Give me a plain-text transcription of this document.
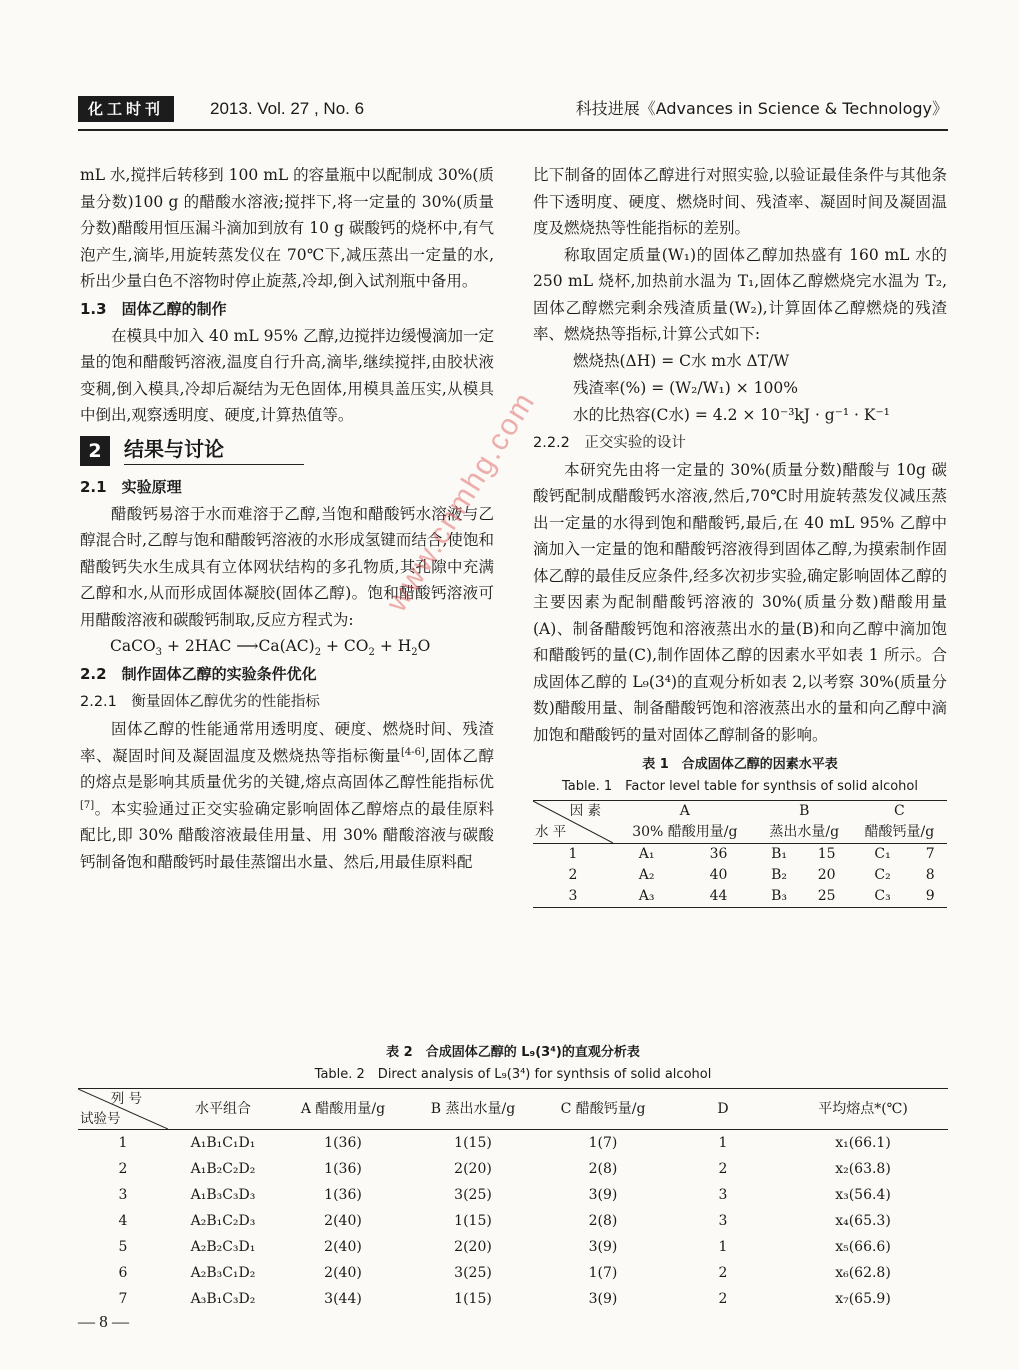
化工时刊	2013. Vol. 27 , No. 6	科技进展《Advances in Science & Technology》

mL 水,搅拌后转移到 100 mL 的容量瓶中以配制成 30%(质量分数)100 g 的醋酸水溶液;搅拌下,将一定量的 30%(质量分数)醋酸用恒压漏斗滴加到放有 10 g 碳酸钙的烧杯中,有气泡产生,滴毕,用旋转蒸发仪在 70℃下,减压蒸出一定量的水,析出少量白色不溶物时停止旋蒸,冷却,倒入试剂瓶中备用。

1.3　固体乙醇的制作

在模具中加入 40 mL 95% 乙醇,边搅拌边缓慢滴加一定量的饱和醋酸钙溶液,温度自行升高,滴毕,继续搅拌,由胶状液变稠,倒入模具,冷却后凝结为无色固体,用模具盖压实,从模具中倒出,观察透明度、硬度,计算热值等。

2	结果与讨论

2.1　实验原理

醋酸钙易溶于水而难溶于乙醇,当饱和醋酸钙水溶液与乙醇混合时,乙醇与饱和醋酸钙溶液的水形成氢键而结合,使饱和醋酸钙失水生成具有立体网状结构的多孔物质,其孔隙中充满乙醇和水,从而形成固体凝胶(固体乙醇)。饱和醋酸钙溶液可用醋酸溶液和碳酸钙制取,反应方程式为:

CaCO$_3$ + 2HAC $⟶Ca(AC)_2 + CO_2 + H_2O$

2.2　制作固体乙醇的实验条件优化

2.2.1　衡量固体乙醇优劣的性能指标

固体乙醇的性能通常用透明度、硬度、燃烧时间、残渣率、凝固时间及凝固温度及燃烧热等指标衡量[4-6],固体乙醇的熔点是影响其质量优劣的关键,熔点高固体乙醇性能指标优[7]。本实验通过正交实验确定影响固体乙醇熔点的最佳原料配比,即 30% 醋酸溶液最佳用量、用 30% 醋酸溶液与碳酸钙制备饱和醋酸钙时最佳蒸馏出水量、然后,用最佳原料配

比下制备的固体乙醇进行对照实验,以验证最佳条件与其他条件下透明度、硬度、燃烧时间、残渣率、凝固时间及凝固温度及燃烧热等性能指标的差别。

称取固定质量(W₁)的固体乙醇加热盛有 160 mL 水的 250 mL 烧杯,加热前水温为 T₁,固体乙醇燃烧完水温为 T₂,固体乙醇燃完剩余残渣质量(W₂),计算固体乙醇燃烧的残渣率、燃烧热等指标,计算公式如下:

燃烧热(ΔH) = C水 m水 ΔT/W

残渣率(%) = (W₂/W₁) × 100%

水的比热容(C水) = 4.2 × 10⁻³kJ · g⁻¹ · K⁻¹

2.2.2　正交实验的设计

本研究先由将一定量的 30%(质量分数)醋酸与 10g 碳酸钙配制成醋酸钙水溶液,然后,70℃时用旋转蒸发仪减压蒸出一定量的水得到饱和醋酸钙,最后,在 40 mL 95% 乙醇中滴加入一定量的饱和醋酸钙溶液得到固体乙醇,为摸索制作固体乙醇的最佳反应条件,经多次初步实验,确定影响固体乙醇的主要因素为配制醋酸钙溶液的 30%(质量分数)醋酸用量(A)、制备醋酸钙饱和溶液蒸出水的量(B)和向乙醇中滴加饱和醋酸钙的量(C),制作固体乙醇的因素水平如表 1 所示。合成固体乙醇的 L₉(3⁴)的直观分析如表 2,以考察 30%(质量分数)醋酸用量、制备醋酸钙饱和溶液蒸出水的量和向乙醇中滴加饱和醋酸钙的量对固体乙醇制备的影响。

表 1　合成固体乙醇的因素水平表

Table. 1　Factor level table for synthsis of solid alcohol

因 素
水 平	A		B		C	
	30% 醋酸用量/g		蒸出水量/g		醋酸钙量/g	
1	A₁	36	B₁	15	C₁	7
2	A₂	40	B₂	20	C₂	8
3	A₃	44	B₃	25	C₃	9

表 2　合成固体乙醇的 L₉(3⁴)的直观分析表

Table. 2　Direct analysis of L₉(3⁴) for synthsis of solid alcohol

列 号
试验号	水平组合	A 醋酸用量/g	B 蒸出水量/g	C 醋酸钙量/g	D	平均熔点*(℃)
1	A₁B₁C₁D₁	1(36)	1(15)	1(7)	1	x₁(66.1)
2	A₁B₂C₂D₂	1(36)	2(20)	2(8)	2	x₂(63.8)
3	A₁B₃C₃D₃	1(36)	3(25)	3(9)	3	x₃(56.4)
4	A₂B₁C₂D₃	2(40)	1(15)	2(8)	3	x₄(65.3)
5	A₂B₂C₃D₁	2(40)	2(20)	3(9)	1	x₅(66.6)
6	A₂B₃C₁D₂	2(40)	3(25)	1(7)	2	x₆(62.8)
7	A₃B₁C₃D₂	3(44)	1(15)	3(9)	2	x₇(65.9)
— 8 —
www.cnmhg.com
